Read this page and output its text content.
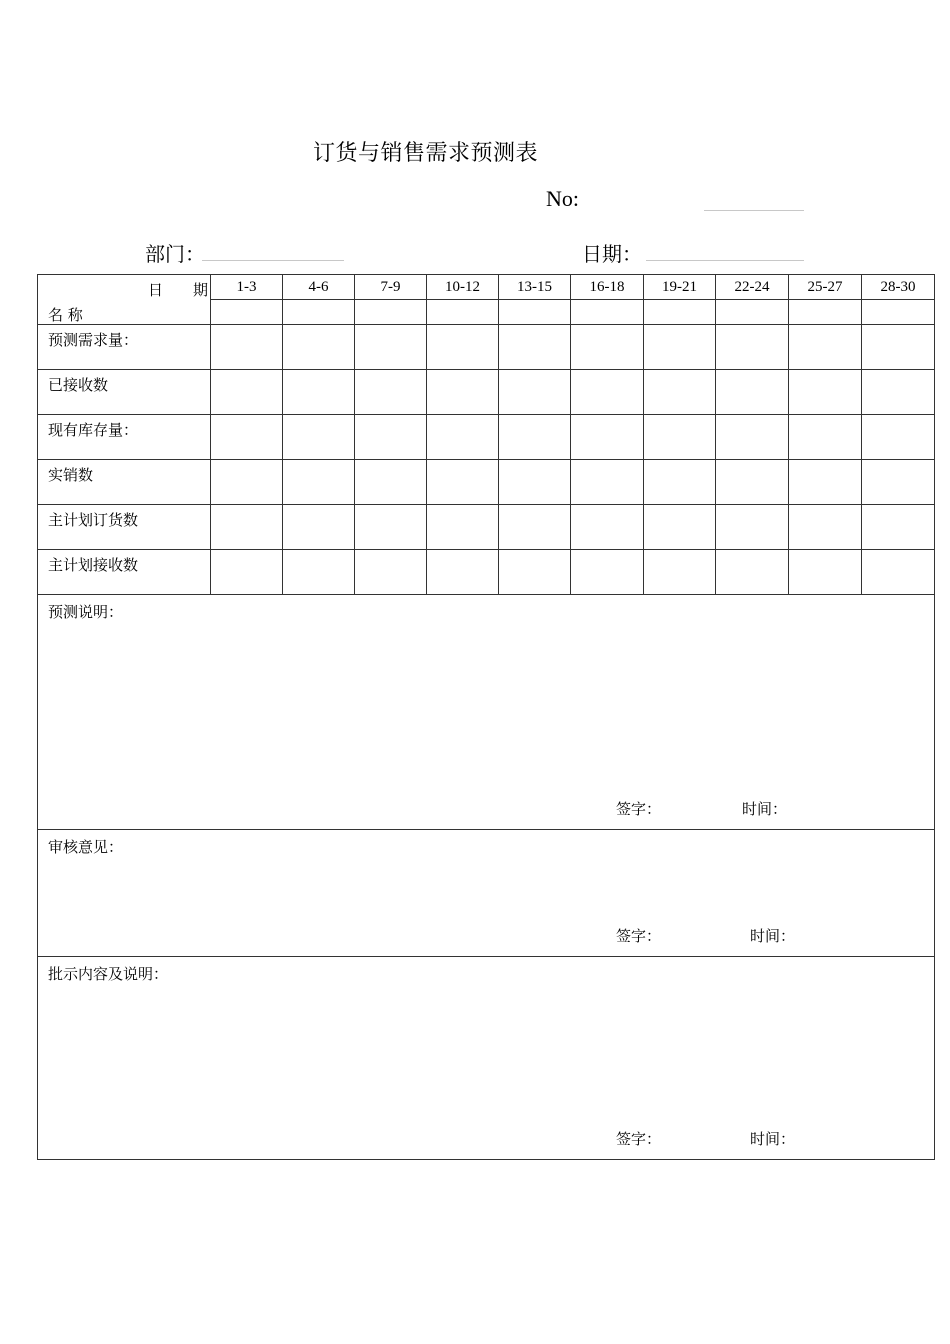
订货与销售需求预测表
No:
部门：	日期：
日　　期
名 称	1-3	4-6	7-9	10-12	13-15	16-18	19-21	22-24	25-27	28-30

预测需求量：										
已接收数										
现有库存量：										
实销数										
主计划订货数										
主计划接收数										

预测说明：
签字： 时间：										

审核意见：
签字： 时间：										

批示内容及说明：
签字： 时间：										
